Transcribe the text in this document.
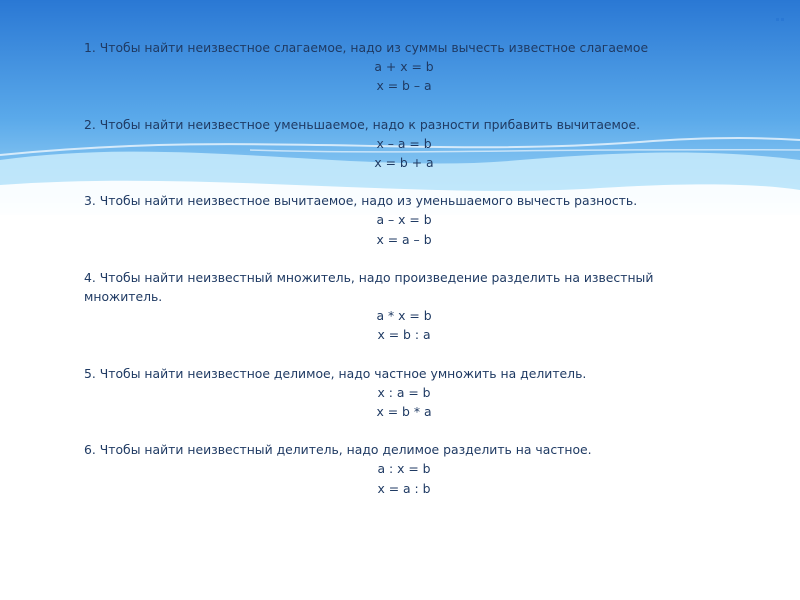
1. Чтобы найти неизвестное слагаемое, надо из суммы вычесть известное слагаемое

a + x = b

x = b – a

2. Чтобы найти неизвестное уменьшаемое, надо к разности прибавить вычитаемое.

x – a = b

x = b + a

3. Чтобы найти неизвестное вычитаемое, надо из уменьшаемого вычесть разность.

a – x = b

x = a – b

4. Чтобы найти неизвестный множитель, надо произведение разделить на известный множитель.

a * x = b

x = b : a

5. Чтобы найти неизвестное делимое, надо частное умножить на делитель.

x : a = b

x = b * a

6. Чтобы найти неизвестный делитель, надо делимое разделить на частное.

a : x = b

x = a : b
